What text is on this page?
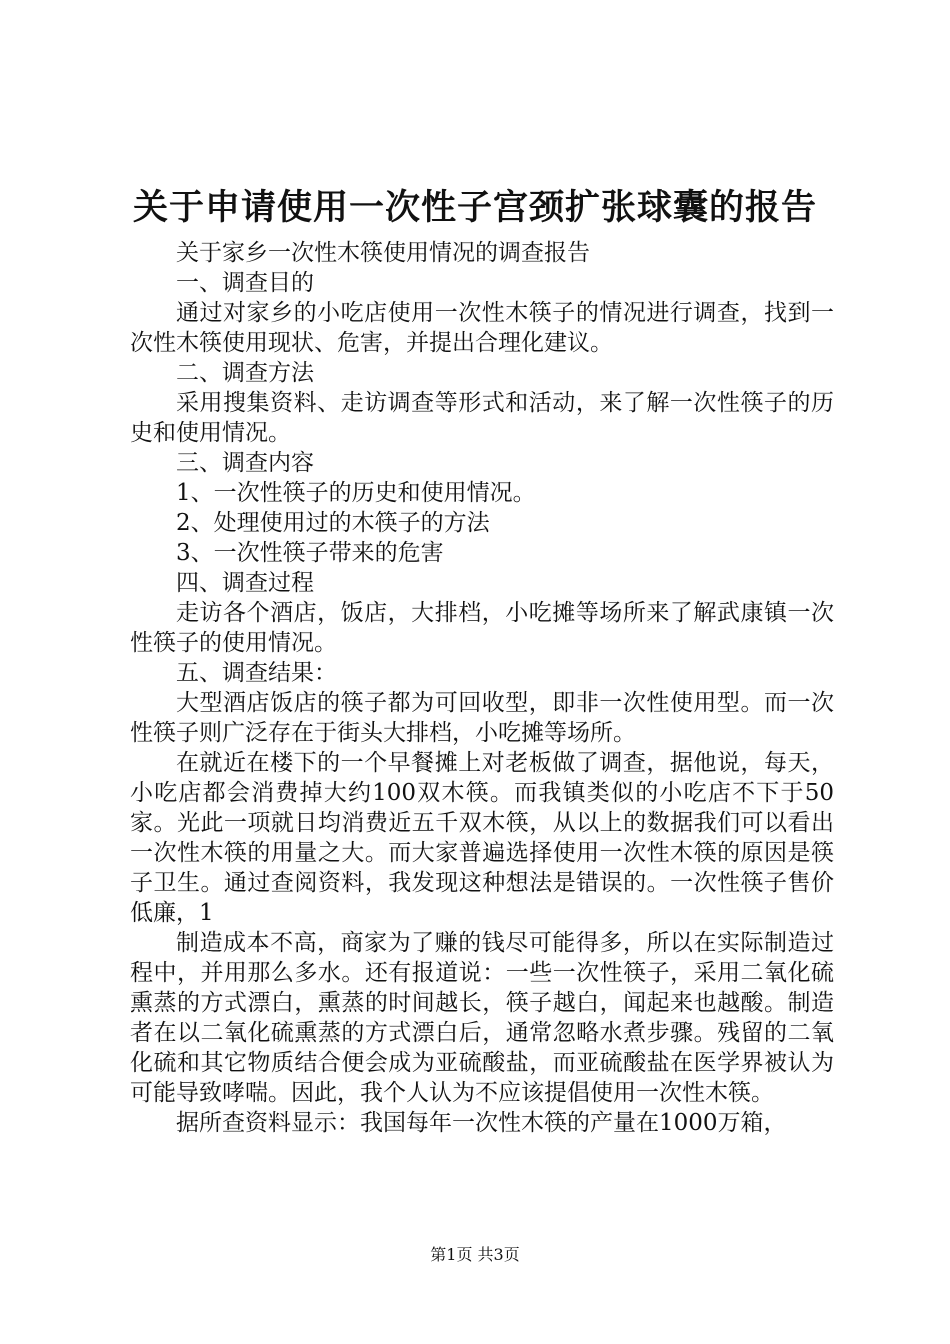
关于申请使用一次性子宫颈扩张球囊的报告

关于家乡一次性木筷使用情况的调查报告

一、调查目的

通过对家乡的小吃店使用一次性木筷子的情况进行调查，找到一次性木筷使用现状、危害，并提出合理化建议。

二、调查方法

采用搜集资料、走访调查等形式和活动，来了解一次性筷子的历史和使用情况。

三、调查内容

1、一次性筷子的历史和使用情况。

2、处理使用过的木筷子的方法

3、一次性筷子带来的危害

四、调查过程

走访各个酒店，饭店，大排档，小吃摊等场所来了解武康镇一次性筷子的使用情况。

五、调查结果：

大型酒店饭店的筷子都为可回收型，即非一次性使用型。而一次性筷子则广泛存在于街头大排档，小吃摊等场所。

在就近在楼下的一个早餐摊上对老板做了调查，据他说，每天，小吃店都会消费掉大约100双木筷。而我镇类似的小吃店不下于50家。光此一项就日均消费近五千双木筷，从以上的数据我们可以看出一次性木筷的用量之大。而大家普遍选择使用一次性木筷的原因是筷子卫生。通过查阅资料，我发现这种想法是错误的。一次性筷子售价低廉，1

制造成本不高，商家为了赚的钱尽可能得多，所以在实际制造过程中，并用那么多水。还有报道说：一些一次性筷子，采用二氧化硫熏蒸的方式漂白，熏蒸的时间越长，筷子越白，闻起来也越酸。制造者在以二氧化硫熏蒸的方式漂白后，通常忽略水煮步骤。残留的二氧化硫和其它物质结合便会成为亚硫酸盐，而亚硫酸盐在医学界被认为可能导致哮喘。因此，我个人认为不应该提倡使用一次性木筷。

据所查资料显示：我国每年一次性木筷的产量在1000万箱，

第1页 共3页
